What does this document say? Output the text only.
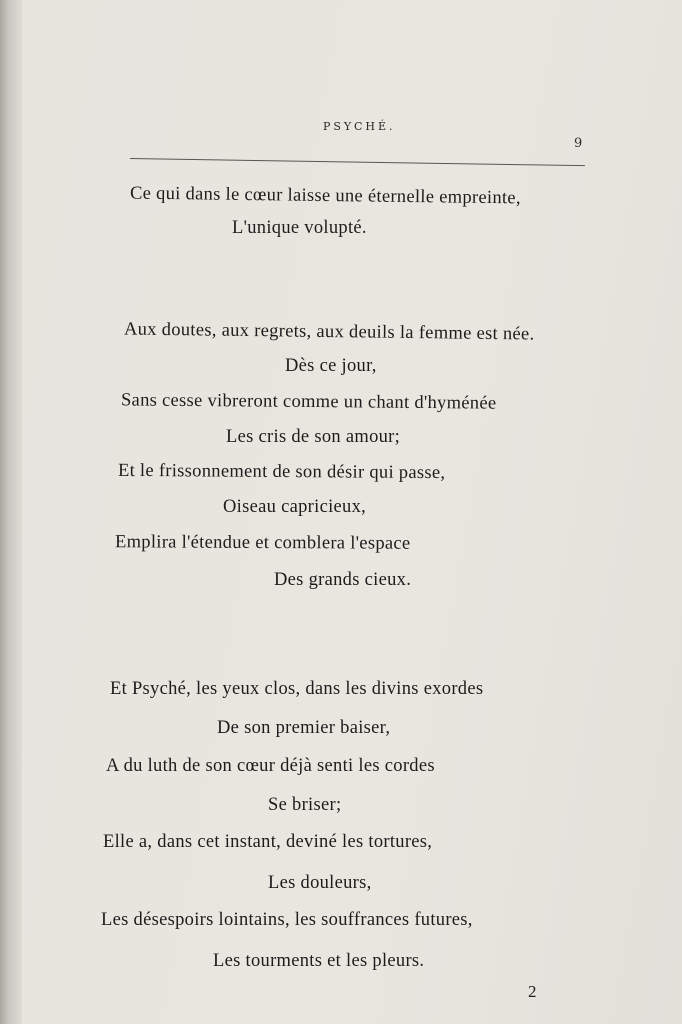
PSYCHÉ.
9
Ce qui dans le cœur laisse une éternelle empreinte,
L'unique volupté.
Aux doutes, aux regrets, aux deuils la femme est née.
Dès ce jour,
Sans cesse vibreront comme un chant d'hyménée
Les cris de son amour;
Et le frissonnement de son désir qui passe,
Oiseau capricieux,
Emplira l'étendue et comblera l'espace
Des grands cieux.
Et Psyché, les yeux clos, dans les divins exordes
De son premier baiser,
A du luth de son cœur déjà senti les cordes
Se briser;
Elle a, dans cet instant, deviné les tortures,
Les douleurs,
Les désespoirs lointains, les souffrances futures,
Les tourments et les pleurs.
2
